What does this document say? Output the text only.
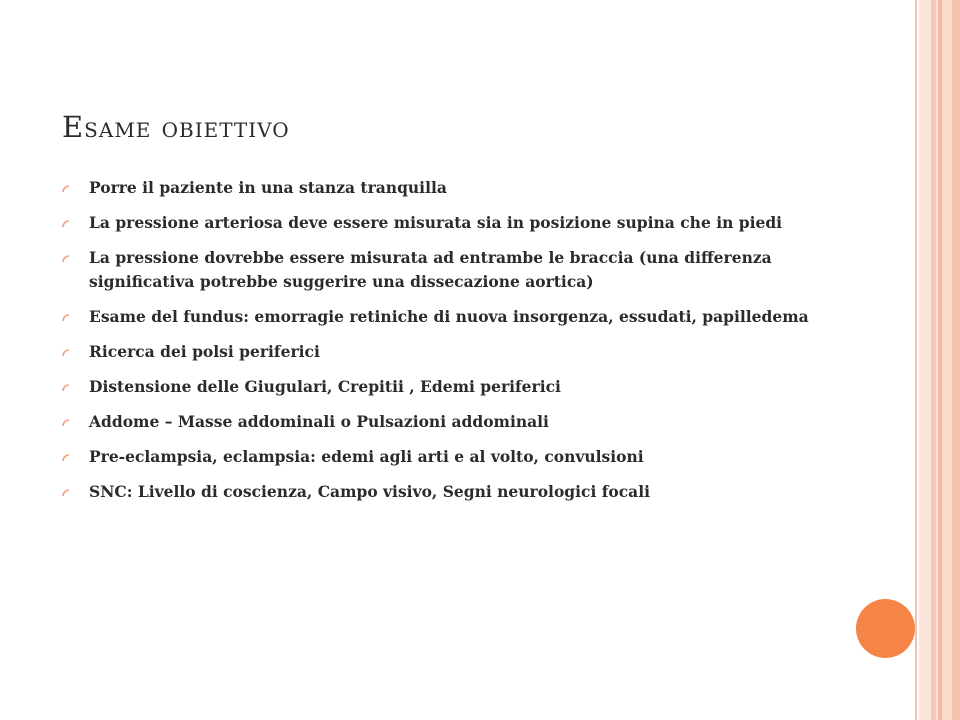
Esame obiettivo
Porre il paziente in una stanza tranquilla
La pressione arteriosa deve essere misurata sia in posizione supina che in piedi
La pressione dovrebbe essere misurata ad entrambe le braccia (una differenza significativa potrebbe suggerire una dissecazione aortica)
Esame del fundus: emorragie retiniche di nuova insorgenza, essudati, papilledema
Ricerca dei polsi periferici
Distensione delle Giugulari, Crepitii , Edemi periferici
Addome – Masse addominali o Pulsazioni addominali
Pre-eclampsia, eclampsia: edemi agli arti e al volto, convulsioni
SNC: Livello di coscienza, Campo visivo, Segni neurologici focali
